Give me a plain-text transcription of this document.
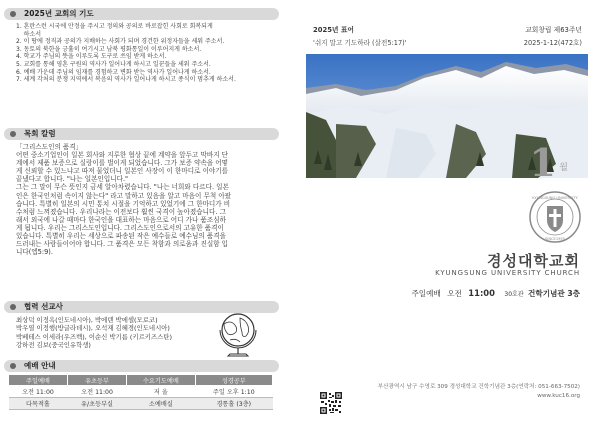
2025년 교회의 기도
1. 혼란스런 시국에 안정을 주시고 정의와 공의로 바로잡힌 사회로 회복되게
하소서
2. 이 땅에 정직과 공의가 지배하는 사회가 되며 경건한 위정자들을 세워 주소서.
3. 동토의 북한을 긍휼히 여기시고 남북 평화통일이 이루어지게 하소서.
4. 학교가 주님의 뜻을 이루도록 도구로 쓰임 받게 하소서.
5. 교회를 통해 영혼 구원의 역사가 일어나게 하시고 일꾼들을 세워 주소서.
6. 예배 가운데 주님의 임재를 경험하고 변화 받는 역사가 일어나게 하소서.
7. 세계 각처의 분쟁 지역에서 복음의 역사가 일어나게 하시고 종식이 멈추게 하소서.
목회 칼럼

「그리스도인의 품격」

어떤 중소기업인이 일본 회사와 지루한 협상 끝에 계약을 앞두고 막바지 단

계에서 제품 보증으로 실랑이를 벌이게 되었습니다. 그가 보증 약속을 어떻

게 신뢰할 수 있느냐고 따져 물었더니 일본인 사장이 이 한마디로 이야기를

끝냈다고 합니다. "나는 일본인입니다."

그는 그 말이 무슨 뜻인지 금세 알아차렸습니다. "나는 너희와 다르다. 일본

인은 한국인처럼 속이지 않는다" 라고 말하고 있음을 알고 마음이 무척 아팠

습니다. 특별히 일본의 시민 통치 시절을 기억하고 있었기에 그 한마디가 비

수처럼 느껴졌습니다. 우리나라는 이전보다 훨씬 국격이 높아졌습니다. 그

래서 외국에 나갈 때마다 한국인을 대표하는 마음으로 어디 가나 품조심하

게 됩니다. 우리는 그리스도인입니다. 그리스도인으로서의 고유한 품격이

있습니다. 특별히 우리는 세상으로 파송된 작은 예수들로 예수님의 품격을

드러내는 사람들이어야 합니다. 그 품격은 모든 착함과 의로움과 진실함 입

니다(엡5:9).

협력 선교사
최상덕 이정옥(인도네시아), 박에덴 박에셀(모로코)
박우열 이정행(방글라데시), 오석재 김혜경(인도네시아)
박베테스 이세라(우즈벡), 이순신 박기름 (키르키즈스탄)
강하전 김보(중국인유학생)
예배 안내
주일예배	유초등부	수요기도예배	성경공부
오전 11:00	오전 11:00	저 울	주일 오후 1:10
다목적홀	유/초등부실	소예배실	경통홀 (3층)
2025년 표어
'쉬지 말고 기도하라 (살전5:17)'
교회창립 제63주년
2025-1-12(472호)
1 월
KYUNGSUNG UNIVERSITY
SINCE1955
경성대학교회
KYUNGSUNG UNIVERSITY CHURCH
주일예배 오전 11:00 30호관 건학기념관 3층
부산광역시 남구 수영로 309 경성대학교 건학기념관 3층(연락처: 051-663-7502)
www.kuc16.org
